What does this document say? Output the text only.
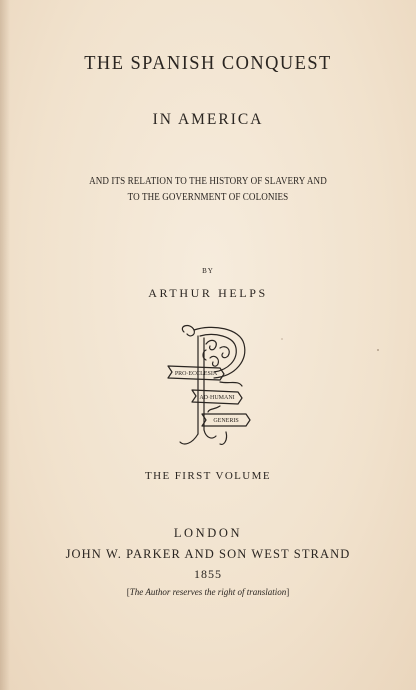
THE SPANISH CONQUEST

IN AMERICA

AND ITS RELATION TO THE HISTORY OF SLAVERY AND

TO THE GOVERNMENT OF COLONIES

BY

ARTHUR HELPS

PRO·ECCLESIA
AD·HUMANI
GENERIS

THE FIRST VOLUME

LONDON

JOHN W. PARKER AND SON WEST STRAND

1855

[The Author reserves the right of translation]
